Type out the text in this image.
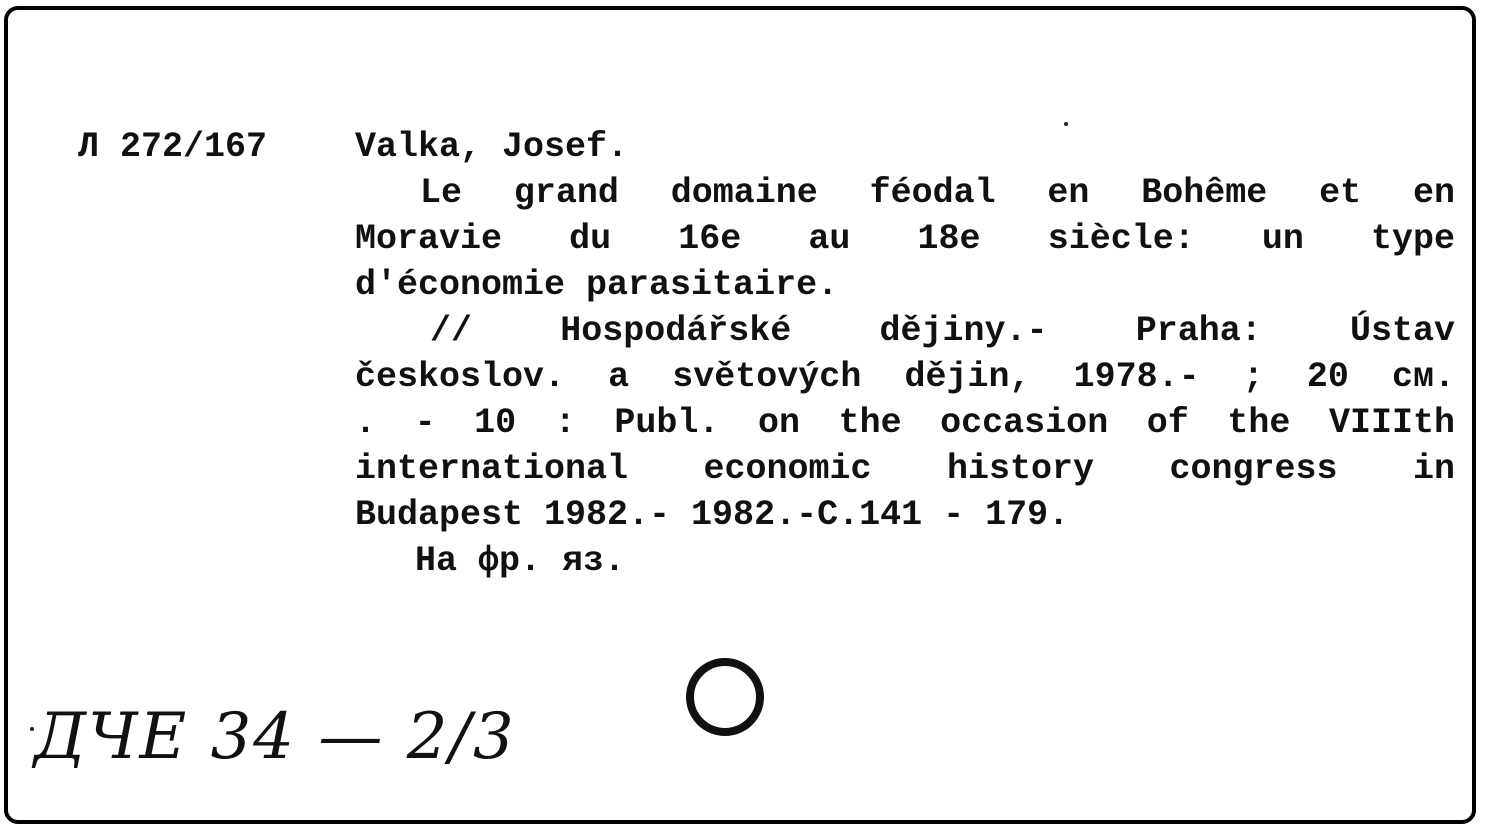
Л 272/167	Valka, Josef.
Le grand domaine féodal en Bohême et en
Moravie du 16e au 18e siècle: un type
d'économie parasitaire.
// Hospodářské dějiny.- Praha: Ústav
českoslov. a světových dějin, 1978.- ; 20 см.
. - 10 : Publ. on the occasion of the VIIIth
international economic history congress in
Budapest 1982.- 1982.-C.141 - 179.
На фр. яз.
ДЧЕ 34 — 2/3
